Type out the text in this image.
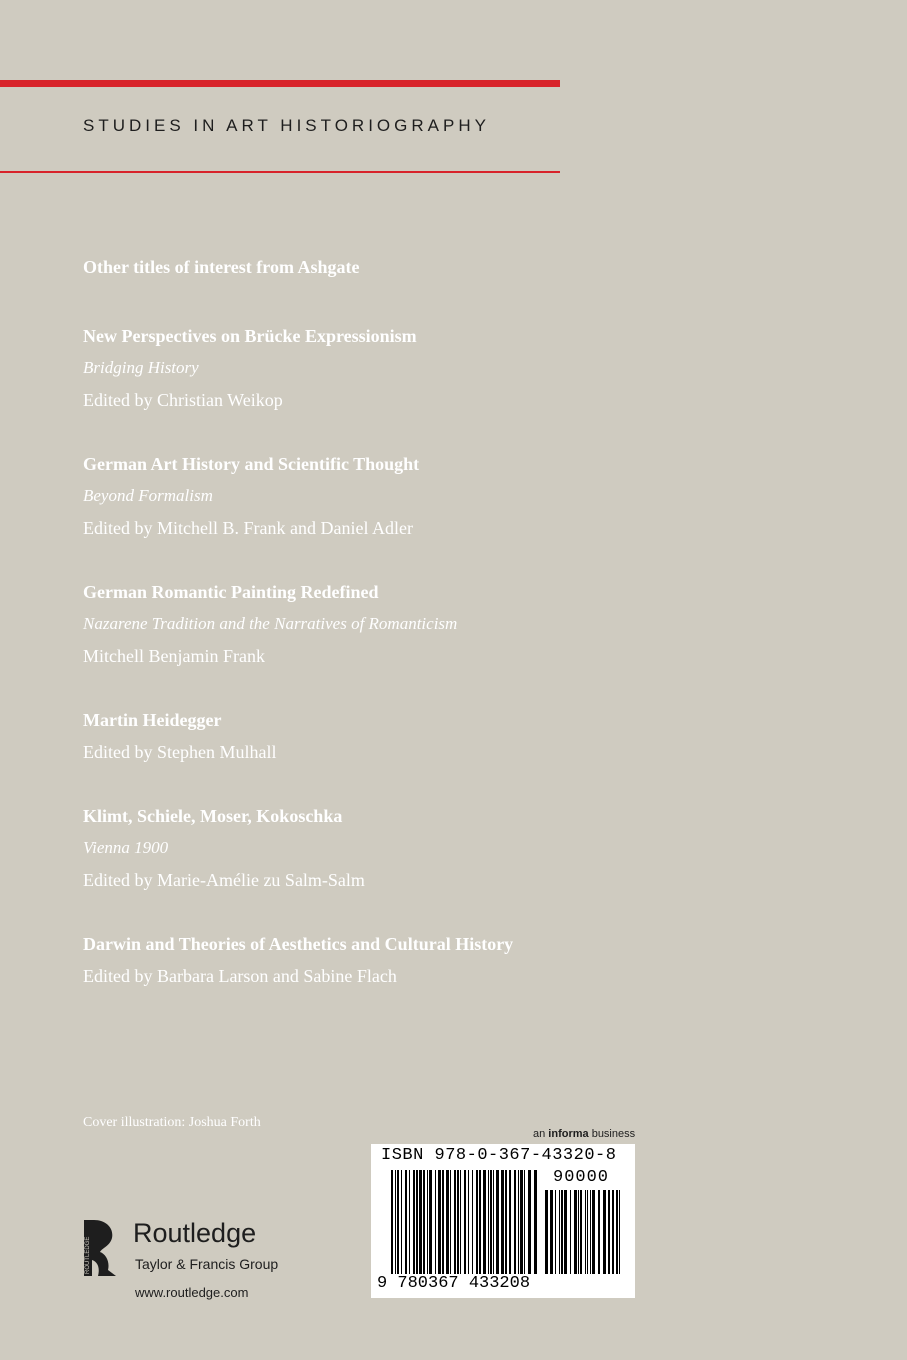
STUDIES IN ART HISTORIOGRAPHY
Other titles of interest from Ashgate
New Perspectives on Brücke Expressionism
Bridging History
Edited by Christian Weikop
German Art History and Scientific Thought
Beyond Formalism
Edited by Mitchell B. Frank and Daniel Adler
German Romantic Painting Redefined
Nazarene Tradition and the Narratives of Romanticism
Mitchell Benjamin Frank
Martin Heidegger
Edited by Stephen Mulhall
Klimt, Schiele, Moser, Kokoschka
Vienna 1900
Edited by Marie-Amélie zu Salm-Salm
Darwin and Theories of Aesthetics and Cultural History
Edited by Barbara Larson and Sabine Flach
Cover illustration: Joshua Forth
an informa business
ISBN 978-0-367-43320-8
90000
9 780367 433208
ROUTLEDGE
Routledge
Taylor & Francis Group
www.routledge.com
